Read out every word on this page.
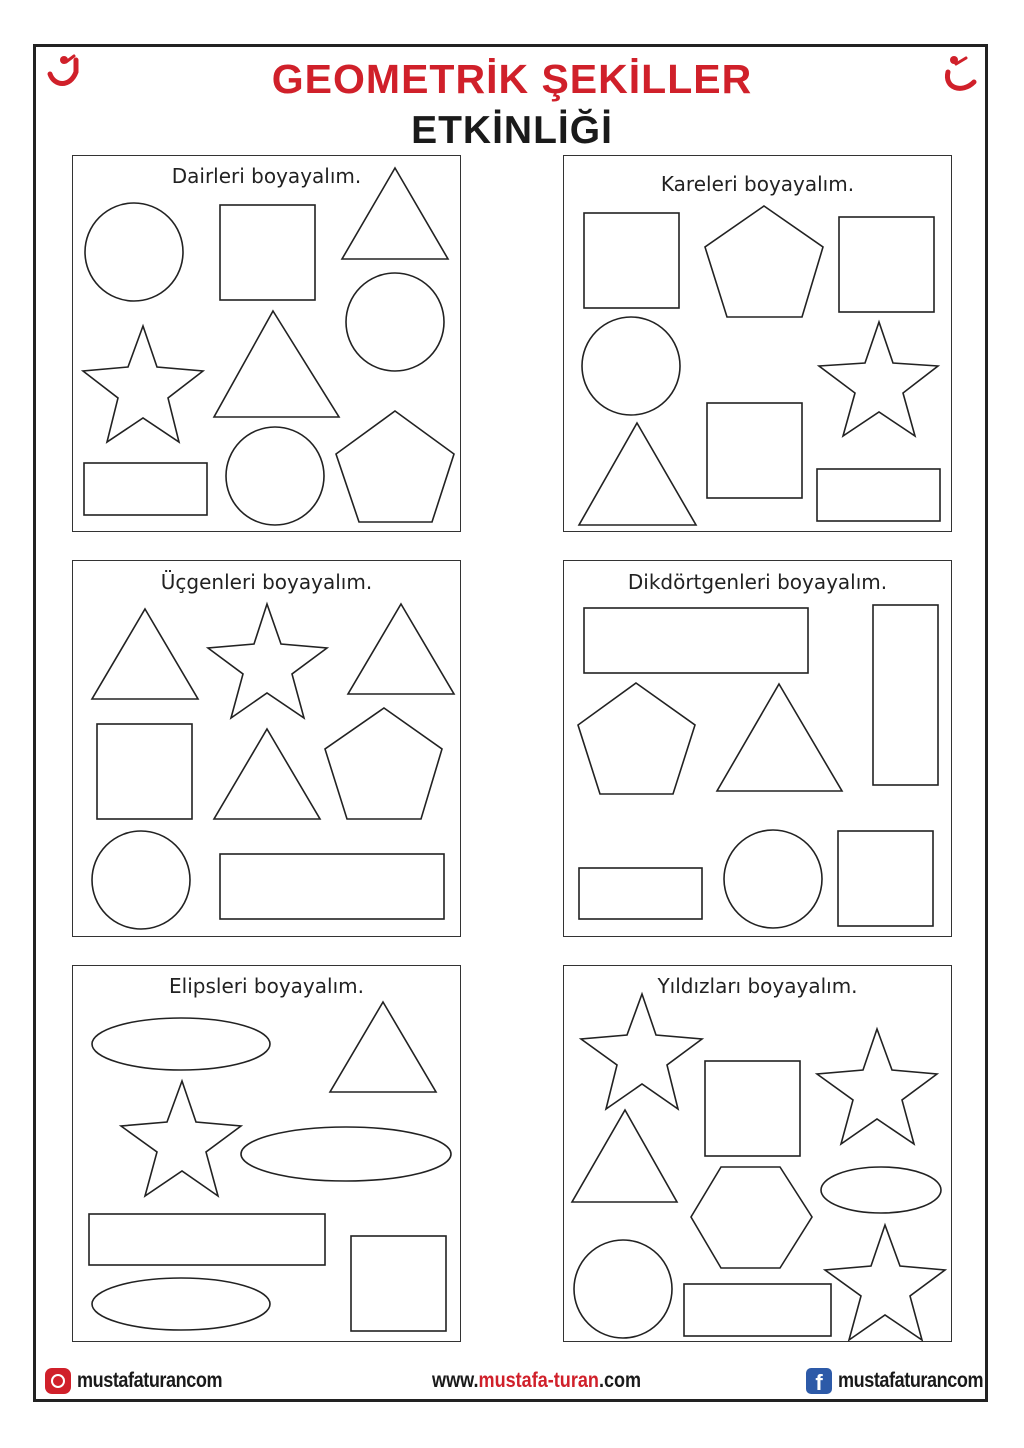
GEOMETRİK ŞEKİLLER
ETKİNLİĞİ
Dairleri boyayalım.	Kareleri boyayalım.
Üçgenleri boyayalım.	Dikdörtgenleri boyayalım.
Elipsleri boyayalım.	Yıldızları boyayalım.
mustafaturancom	www.mustafa-turan.com	f mustafaturancom
